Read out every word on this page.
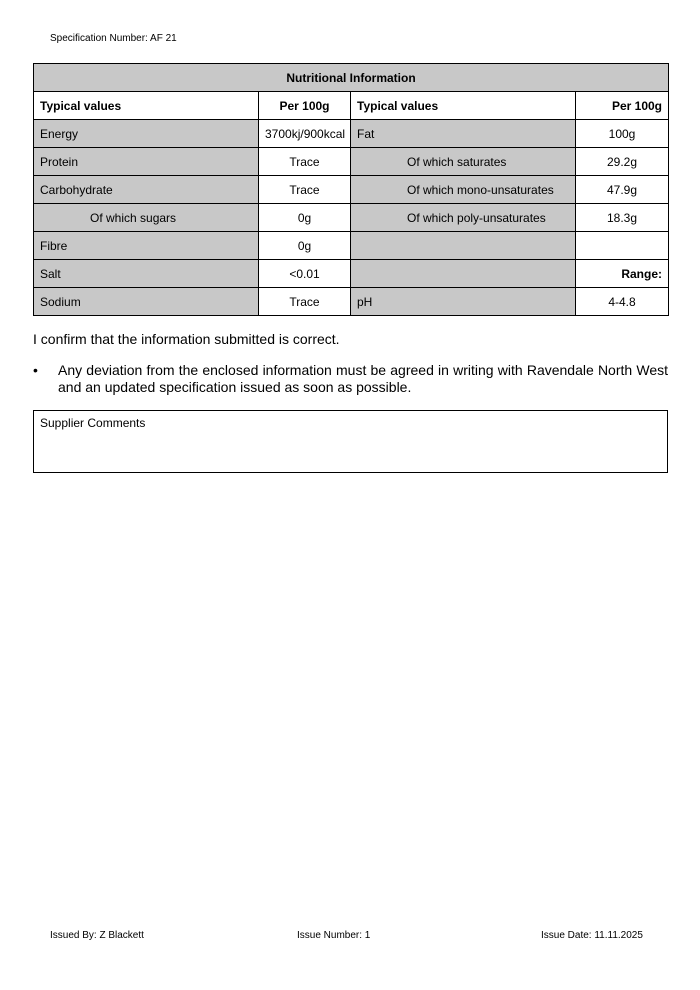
Specification Number: AF 21
Nutritional Information			
Typical values	Per 100g	Typical values	Per 100g
Energy	3700kj/900kcal	Fat	100g
Protein	Trace	Of which saturates	29.2g
Carbohydrate	Trace	Of which mono-unsaturates	47.9g
Of which sugars	0g	Of which poly-unsaturates	18.3g
Fibre	0g		
Salt	<0.01		Range:
Sodium	Trace	pH	4-4.8
I confirm that the information submitted is correct.
•	Any deviation from the enclosed information must be agreed in writing with Ravendale North West and an updated specification issued as soon as possible.
Supplier Comments
Issued By: Z Blackett	Issue Number: 1	Issue Date: 11.11.2025
